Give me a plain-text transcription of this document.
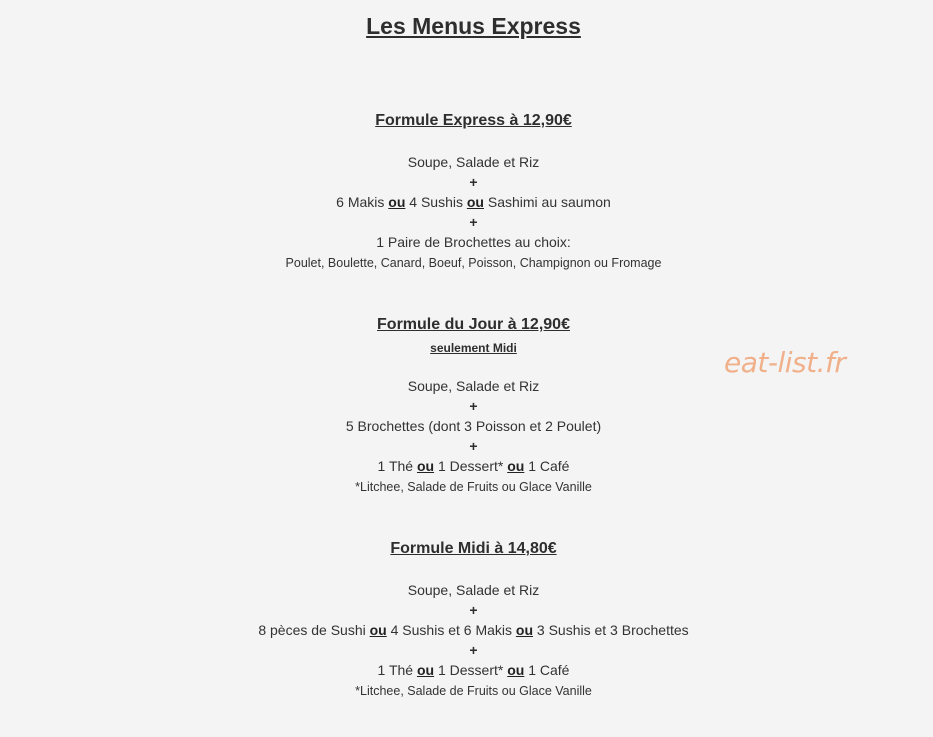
Les Menus Express
eat-list.fr
Formule Express à 12,90€
Soupe, Salade et Riz
+
6 Makis ou 4 Sushis ou Sashimi au saumon
+
1 Paire de Brochettes au choix:
Poulet, Boulette, Canard, Boeuf, Poisson, Champignon ou Fromage
Formule du Jour à 12,90€
seulement Midi
Soupe, Salade et Riz
+
5 Brochettes (dont 3 Poisson et 2 Poulet)
+
1 Thé ou 1 Dessert* ou 1 Café
*Litchee, Salade de Fruits ou Glace Vanille
Formule Midi à 14,80€
Soupe, Salade et Riz
+
8 pèces de Sushi ou 4 Sushis et 6 Makis ou 3 Sushis et 3 Brochettes
+
1 Thé ou 1 Dessert* ou 1 Café
*Litchee, Salade de Fruits ou Glace Vanille
